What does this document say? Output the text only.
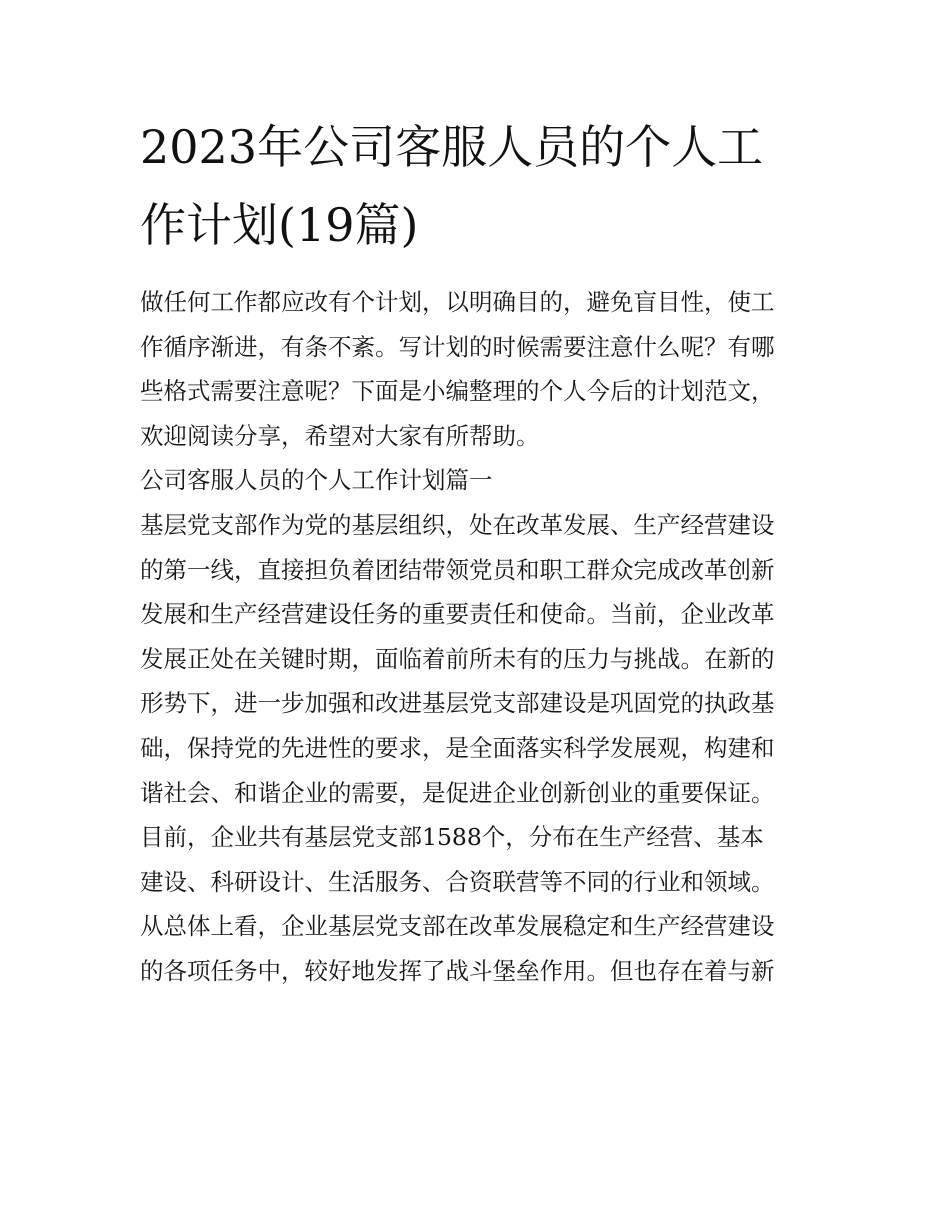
2023年公司客服人员的个人工
作计划(19篇)
做任何工作都应改有个计划，以明确目的，避免盲目性，使工
作循序渐进，有条不紊。写计划的时候需要注意什么呢？有哪
些格式需要注意呢？下面是小编整理的个人今后的计划范文，
欢迎阅读分享，希望对大家有所帮助。
公司客服人员的个人工作计划篇一
基层党支部作为党的基层组织，处在改革发展、生产经营建设
的第一线，直接担负着团结带领党员和职工群众完成改革创新
发展和生产经营建设任务的重要责任和使命。当前，企业改革
发展正处在关键时期，面临着前所未有的压力与挑战。在新的
形势下，进一步加强和改进基层党支部建设是巩固党的执政基
础，保持党的先进性的要求，是全面落实科学发展观，构建和
谐社会、和谐企业的需要，是促进企业创新创业的重要保证。
目前，企业共有基层党支部1588个，分布在生产经营、基本
建设、科研设计、生活服务、合资联营等不同的行业和领域。
从总体上看，企业基层党支部在改革发展稳定和生产经营建设
的各项任务中，较好地发挥了战斗堡垒作用。但也存在着与新
